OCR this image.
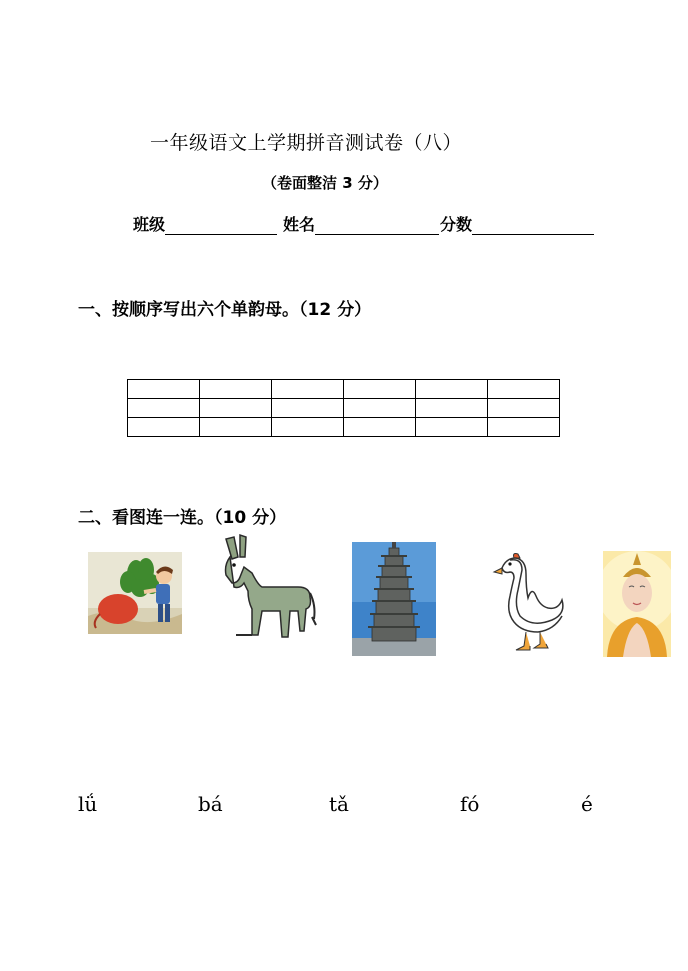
一年级语文上学期拼音测试卷（八）
（卷面整洁 3 分）
班级	姓名	分数
一、按顺序写出六个单韵母。（12 分）

二、看图连一连。（10 分）
lǘ	bá	tǎ	fó	é
